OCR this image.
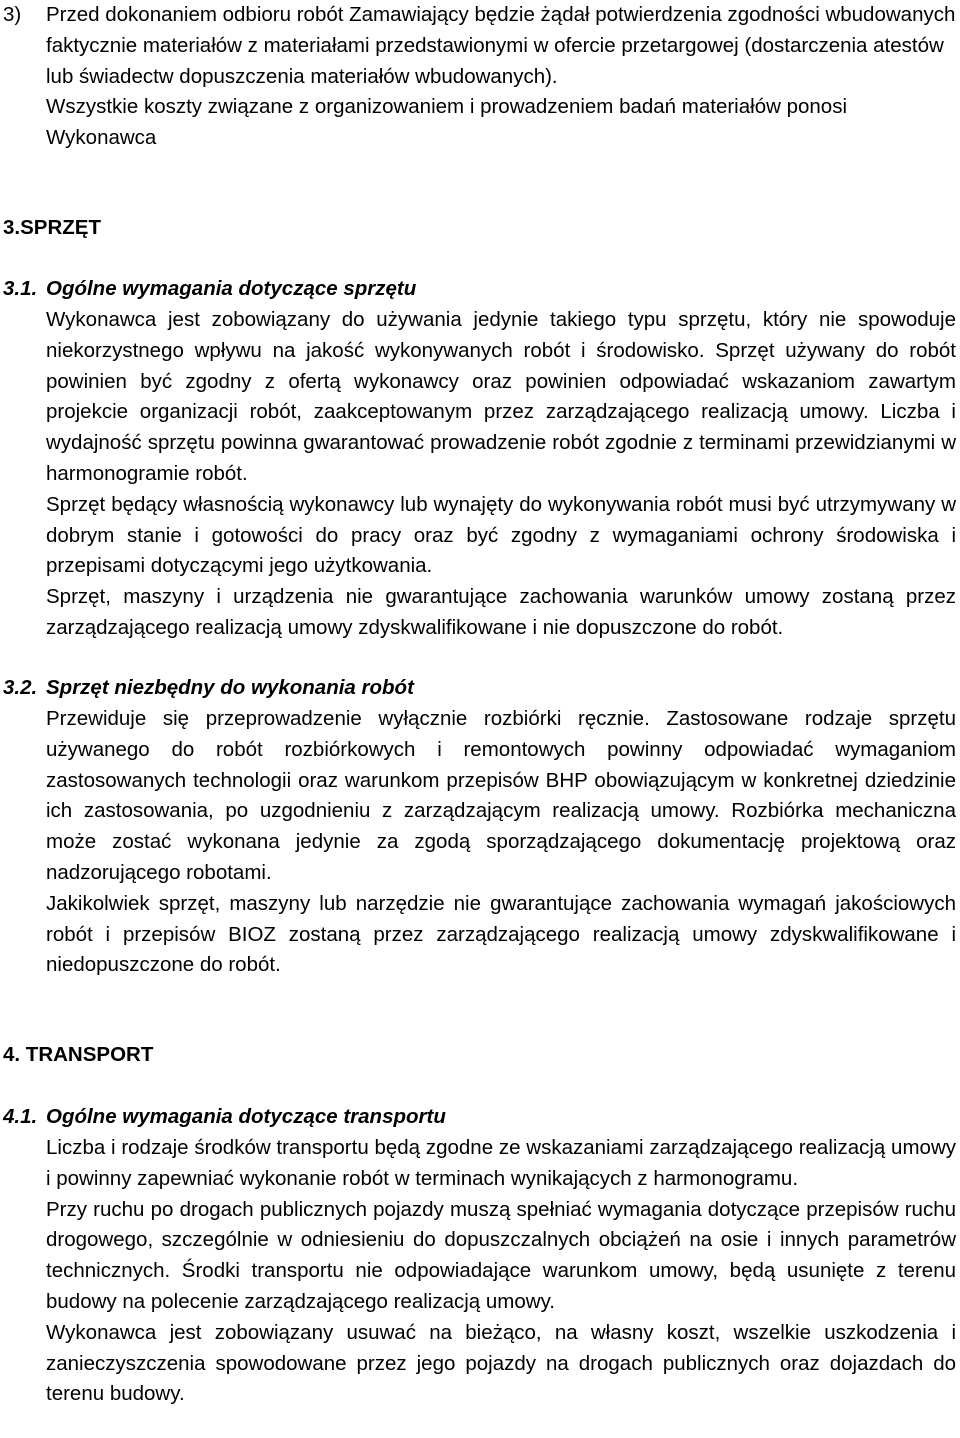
3) Przed dokonaniem odbioru robót Zamawiający będzie żądał potwierdzenia zgodności wbudowanych faktycznie materiałów z materiałami przedstawionymi w ofercie przetargowej (dostarczenia atestów lub świadectw dopuszczenia materiałów wbudowanych).

Wszystkie koszty związane z organizowaniem i prowadzeniem badań materiałów ponosi Wykonawca

3.SPRZĘT
3.1. Ogólne wymagania dotyczące sprzętu

Wykonawca jest zobowiązany do używania jedynie takiego typu sprzętu, który nie spowoduje niekorzystnego wpływu na jakość wykonywanych robót i środowisko. Sprzęt używany do robót powinien być zgodny z ofertą wykonawcy oraz powinien odpowiadać wskazaniom zawartym projekcie organizacji robót, zaakceptowanym przez zarządzającego realizacją umowy. Liczba i wydajność sprzętu powinna gwarantować prowadzenie robót zgodnie z terminami przewidzianymi w harmonogramie robót.

Sprzęt będący własnością wykonawcy lub wynajęty do wykonywania robót musi być utrzymywany w dobrym stanie i gotowości do pracy oraz być zgodny z wymaganiami ochrony środowiska i przepisami dotyczącymi jego użytkowania.

Sprzęt, maszyny i urządzenia nie gwarantujące zachowania warunków umowy zostaną przez zarządzającego realizacją umowy zdyskwalifikowane i nie dopuszczone do robót.

3.2. Sprzęt niezbędny do wykonania robót

Przewiduje się przeprowadzenie wyłącznie rozbiórki ręcznie. Zastosowane rodzaje sprzętu używanego do robót rozbiórkowych i remontowych powinny odpowiadać wymaganiom zastosowanych technologii oraz warunkom przepisów BHP obowiązującym w konkretnej dziedzinie ich zastosowania, po uzgodnieniu z zarządzającym realizacją umowy. Rozbiórka mechaniczna może zostać wykonana jedynie za zgodą sporządzającego dokumentację projektową oraz nadzorującego robotami.

Jakikolwiek sprzęt, maszyny lub narzędzie nie gwarantujące zachowania wymagań jakościowych robót i przepisów BIOZ zostaną przez zarządzającego realizacją umowy zdyskwalifikowane i niedopuszczone do robót.

4. TRANSPORT
4.1. Ogólne wymagania dotyczące transportu

Liczba i rodzaje środków transportu będą zgodne ze wskazaniami zarządzającego realizacją umowy i powinny zapewniać wykonanie robót w terminach wynikających z harmonogramu.

Przy ruchu po drogach publicznych pojazdy muszą spełniać wymagania dotyczące przepisów ruchu drogowego, szczególnie w odniesieniu do dopuszczalnych obciążeń na osie i innych parametrów technicznych. Środki transportu nie odpowiadające warunkom umowy, będą usunięte z terenu budowy na polecenie zarządzającego realizacją umowy.

Wykonawca jest zobowiązany usuwać na bieżąco, na własny koszt, wszelkie uszkodzenia i zanieczyszczenia spowodowane przez jego pojazdy na drogach publicznych oraz dojazdach do terenu budowy.
